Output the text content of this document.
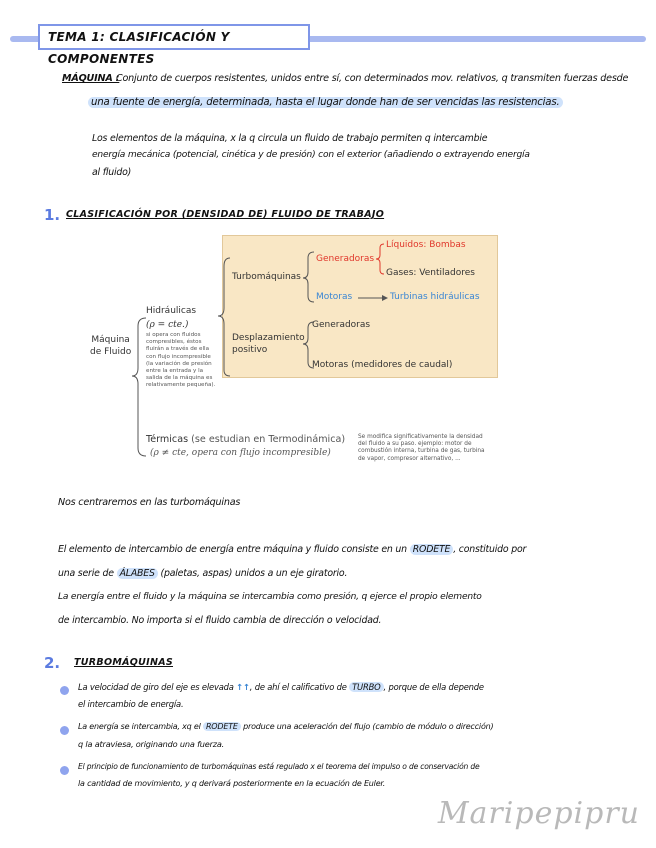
TEMA 1: CLASIFICACIÓN Y COMPONENTES
MÁQUINA :
Conjunto de cuerpos resistentes, unidos entre sí, con determinados mov. relativos, q transmiten fuerzas desde
una fuente de energía, determinada, hasta el lugar donde han de ser vencidas las resistencias.
Los elementos de la máquina, x la q circula un fluido de trabajo permiten q intercambie
energía mecánica (potencial, cinética y de presión) con el exterior (añadiendo o extrayendo energía
al fluido)
1. CLASIFICACIÓN POR (DENSIDAD DE) FLUIDO DE TRABAJO
Máquina
de Fluido
Hidráulicas
(ρ = cte.)
si opera con fluidos
compresibles, éstos
fluirán a través de ella
con flujo incompresible
(la variación de presión
entre la entrada y la
salida de la máquina es
relativamente pequeña).
Turbomáquinas
Generadoras
Líquidos: Bombas
Gases: Ventiladores
Motoras	Turbinas hidráulicas
Desplazamiento
positivo
Generadoras
Motoras (medidores de caudal)
Térmicas (se estudian en Termodinámica)
(ρ ≠ cte, opera con flujo incompresible)
Se modifica significativamente la densidad
del fluido a su paso. ejemplo: motor de
combustión interna, turbina de gas, turbina
de vapor, compresor alternativo, ...
Nos centraremos en las turbomáquinas
El elemento de intercambio de energía entre máquina y fluido consiste en un RODETE , constituido por
una serie de ÁLABES (paletas, aspas) unidos a un eje giratorio.
La energía entre el fluido y la máquina se intercambia como presión, q ejerce el propio elemento
de intercambio. No importa si el fluido cambia de dirección o velocidad.
2. TURBOMÁQUINAS
La velocidad de giro del eje es elevada ↑↑, de ahí el calificativo de TURBO , porque de ella depende
el intercambio de energía.
La energía se intercambia, xq el RODETE produce una aceleración del flujo (cambio de módulo o dirección)
q la atraviesa, originando una fuerza.
El principio de funcionamiento de turbomáquinas está regulado x el teorema del impulso o de conservación de
la cantidad de movimiento, y q derivará posteriormente en la ecuación de Euler.
Maripepipru
